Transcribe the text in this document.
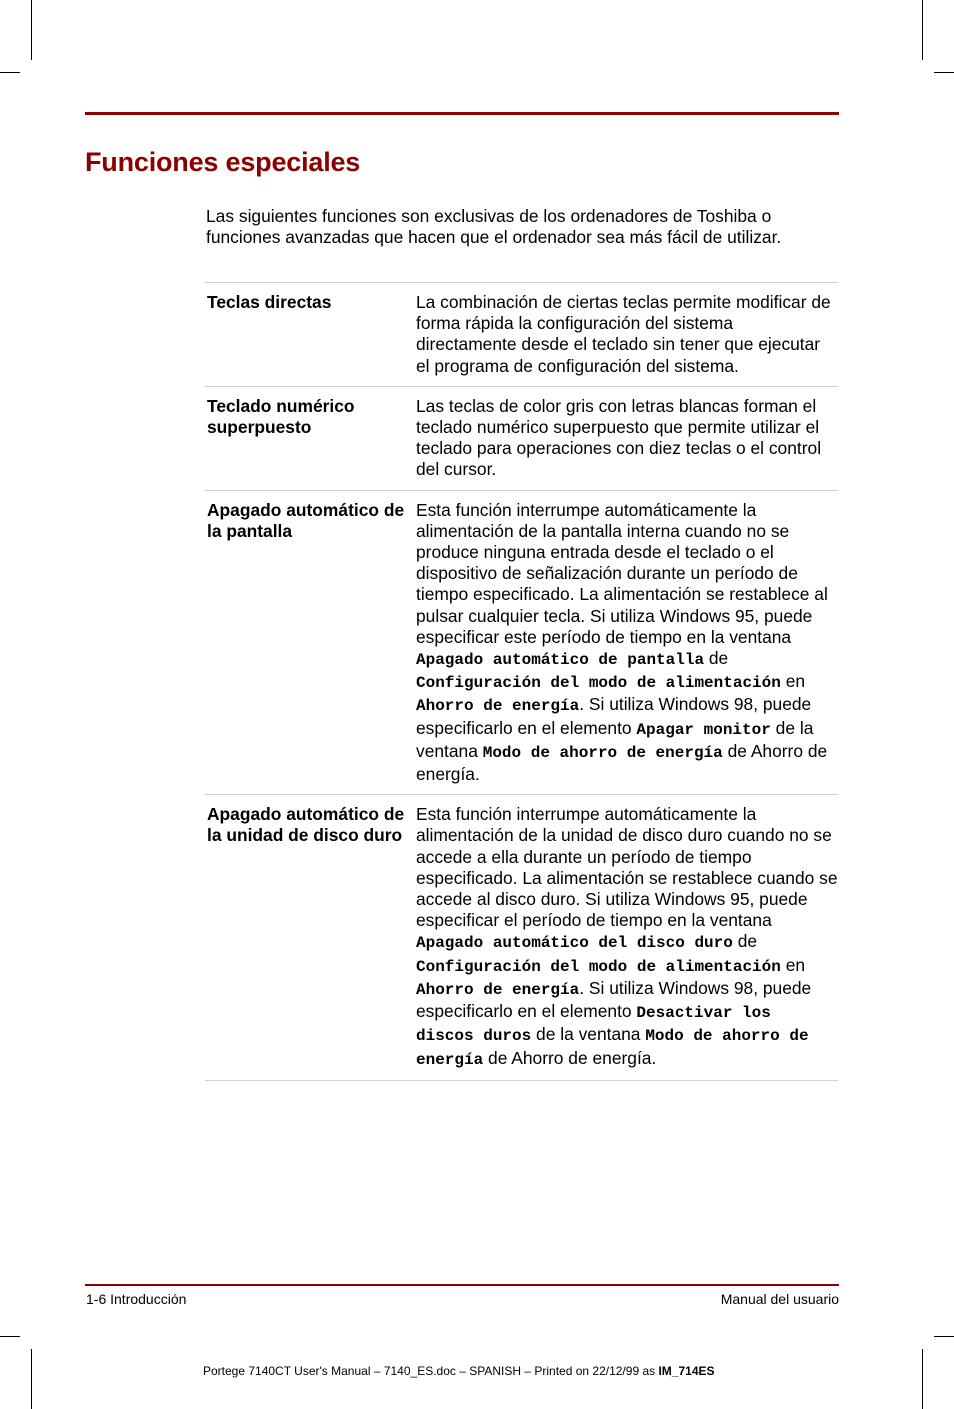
Funciones especiales

Las siguientes funciones son exclusivas de los ordenadores de Toshiba o funciones avanzadas que hacen que el ordenador sea más fácil de utilizar.

Teclas directas	La combinación de ciertas teclas permite modificar de forma rápida la configuración del sistema directamente desde el teclado sin tener que ejecutar el programa de configuración del sistema.
Teclado numérico superpuesto
Las teclas de color gris con letras blancas forman el teclado numérico superpuesto que permite utilizar el teclado para operaciones con diez teclas o el control del cursor.
Apagado automático de la pantalla
Esta función interrumpe automáticamente la alimentación de la pantalla interna cuando no se produce ninguna entrada desde el teclado o el dispositivo de señalización durante un período de tiempo especificado. La alimentación se restablece al pulsar cualquier tecla. Si utiliza Windows 95, puede especificar este período de tiempo en la ventana Apagado automático de pantalla de Configuración del modo de alimentación en Ahorro de energía. Si utiliza Windows 98, puede especificarlo en el elemento Apagar monitor de la ventana Modo de ahorro de energía de Ahorro de energía.
Apagado automático de la unidad de disco duro
Esta función interrumpe automáticamente la alimentación de la unidad de disco duro cuando no se accede a ella durante un período de tiempo especificado. La alimentación se restablece cuando se accede al disco duro. Si utiliza Windows 95, puede especificar el período de tiempo en la ventana Apagado automático del disco duro de Configuración del modo de alimentación en Ahorro de energía. Si utiliza Windows 98, puede especificarlo en el elemento Desactivar los discos duros de la ventana Modo de ahorro de energía de Ahorro de energía.
1-6 Introducción	Manual del usuario
Portege 7140CT User's Manual – 7140_ES.doc – SPANISH – Printed on 22/12/99 as IM_714ES
